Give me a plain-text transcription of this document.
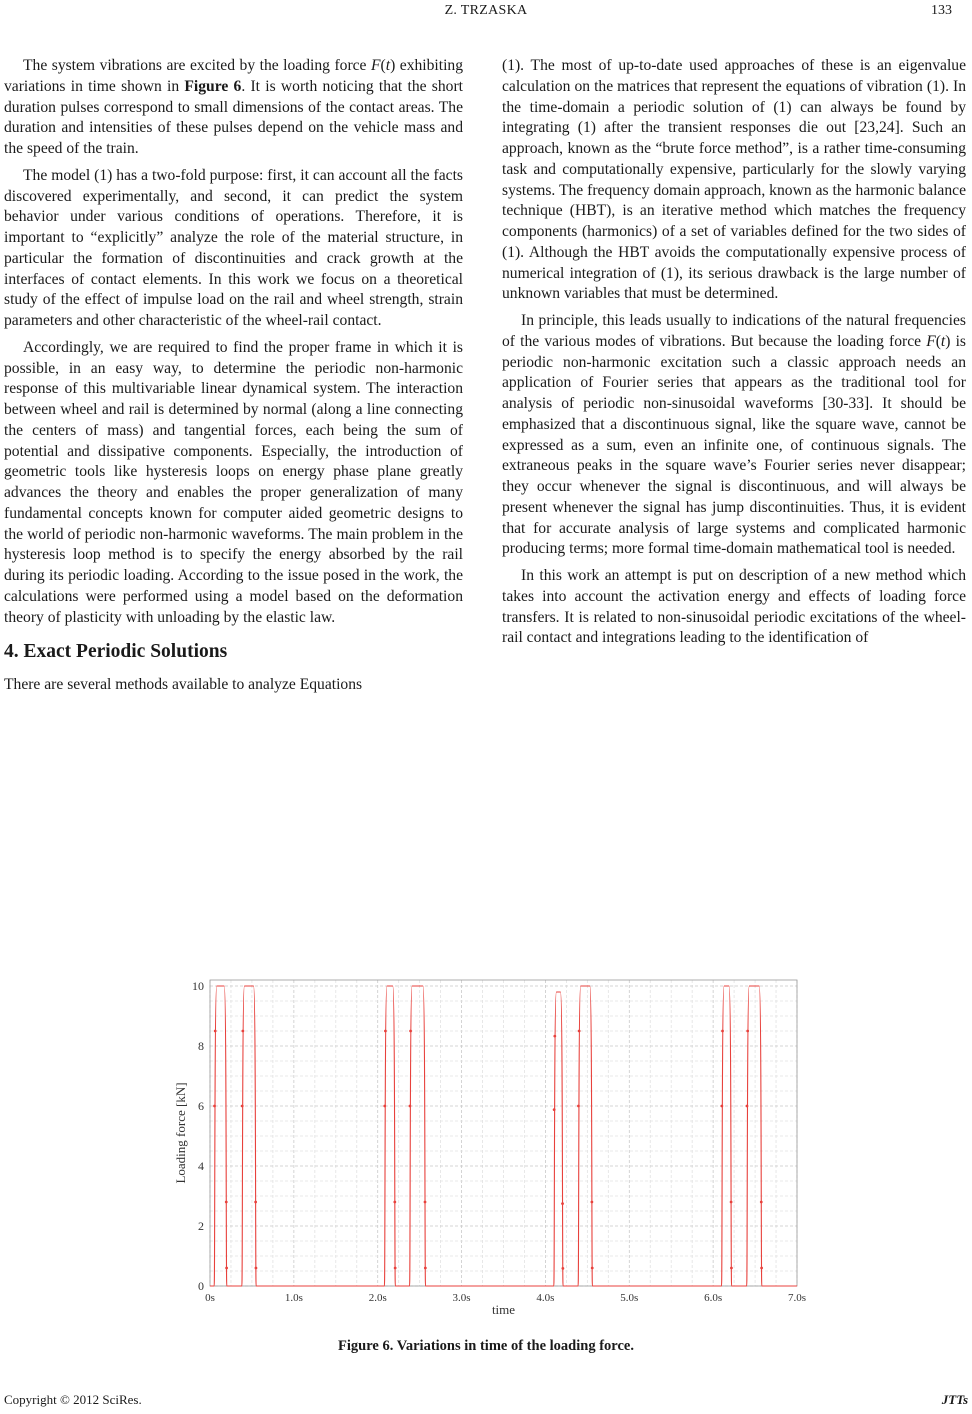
Z. TRZASKA	133

The system vibrations are excited by the loading force F(t) exhibiting variations in time shown in Figure 6. It is worth noticing that the short duration pulses correspond to small dimensions of the contact areas. The duration and intensities of these pulses depend on the vehicle mass and the speed of the train.

The model (1) has a two-fold purpose: first, it can account all the facts discovered experimentally, and second, it can predict the system behavior under various conditions of operations. Therefore, it is important to “explicitly” analyze the role of the material structure, in particular the formation of discontinuities and crack growth at the interfaces of contact elements. In this work we focus on a theoretical study of the effect of impulse load on the rail and wheel strength, strain parameters and other characteristic of the wheel-rail contact.

Accordingly, we are required to find the proper frame in which it is possible, in an easy way, to determine the periodic non-harmonic response of this multivariable linear dynamical system. The interaction between wheel and rail is determined by normal (along a line connecting the centers of mass) and tangential forces, each being the sum of potential and dissipative components. Especially, the introduction of geometric tools like hysteresis loops on energy phase plane greatly advances the theory and enables the proper generalization of many fundamental concepts known for computer aided geometric designs to the world of periodic non-harmonic waveforms. The main problem in the hysteresis loop method is to specify the energy absorbed by the rail during its periodic loading. According to the issue posed in the work, the calculations were performed using a model based on the deformation theory of plasticity with unloading by the elastic law.

4. Exact Periodic Solutions

There are several methods available to analyze Equations

(1). The most of up-to-date used approaches of these is an eigenvalue calculation on the matrices that represent the equations of vibration (1). In the time-domain a periodic solution of (1) can always be found by integrating (1) after the transient responses die out [23,24]. Such an approach, known as the “brute force method”, is a rather time-consuming task and computationally expensive, particularly for the slowly varying systems. The frequency domain approach, known as the harmonic balance technique (HBT), is an iterative method which matches the frequency components (harmonics) of a set of variables defined for the two sides of (1). Although the HBT avoids the computationally expensive process of numerical integration of (1), its serious drawback is the large number of unknown variables that must be determined.

In principle, this leads usually to indications of the natural frequencies of the various modes of vibrations. But because the loading force F(t) is periodic non-harmonic excitation such a classic approach needs an application of Fourier series that appears as the traditional tool for analysis of periodic non-sinusoidal waveforms [30-33]. It should be emphasized that a discontinuous signal, like the square wave, cannot be expressed as a sum, even an infinite one, of continuous signals. The extraneous peaks in the square wave’s Fourier series never disappear; they occur whenever the signal is discontinuous, and will always be present whenever the signal has jump discontinuities. Thus, it is evident that for accurate analysis of large systems and complicated harmonic producing terms; more formal time-domain mathematical tool is needed.

In this work an attempt is put on description of a new method which takes into account the activation energy and effects of loading force transfers. It is related to non-sinusoidal periodic excitations of the wheel-rail contact and integrations leading to the identification of

0s	1.0s	2.0s	3.0s	4.0s	5.0s	6.0s	7.0s
0
2
4
6
8
10
time
Loading force [kN]
Figure 6. Variations in time of the loading force.
Copyright © 2012 SciRes.	JTTs
